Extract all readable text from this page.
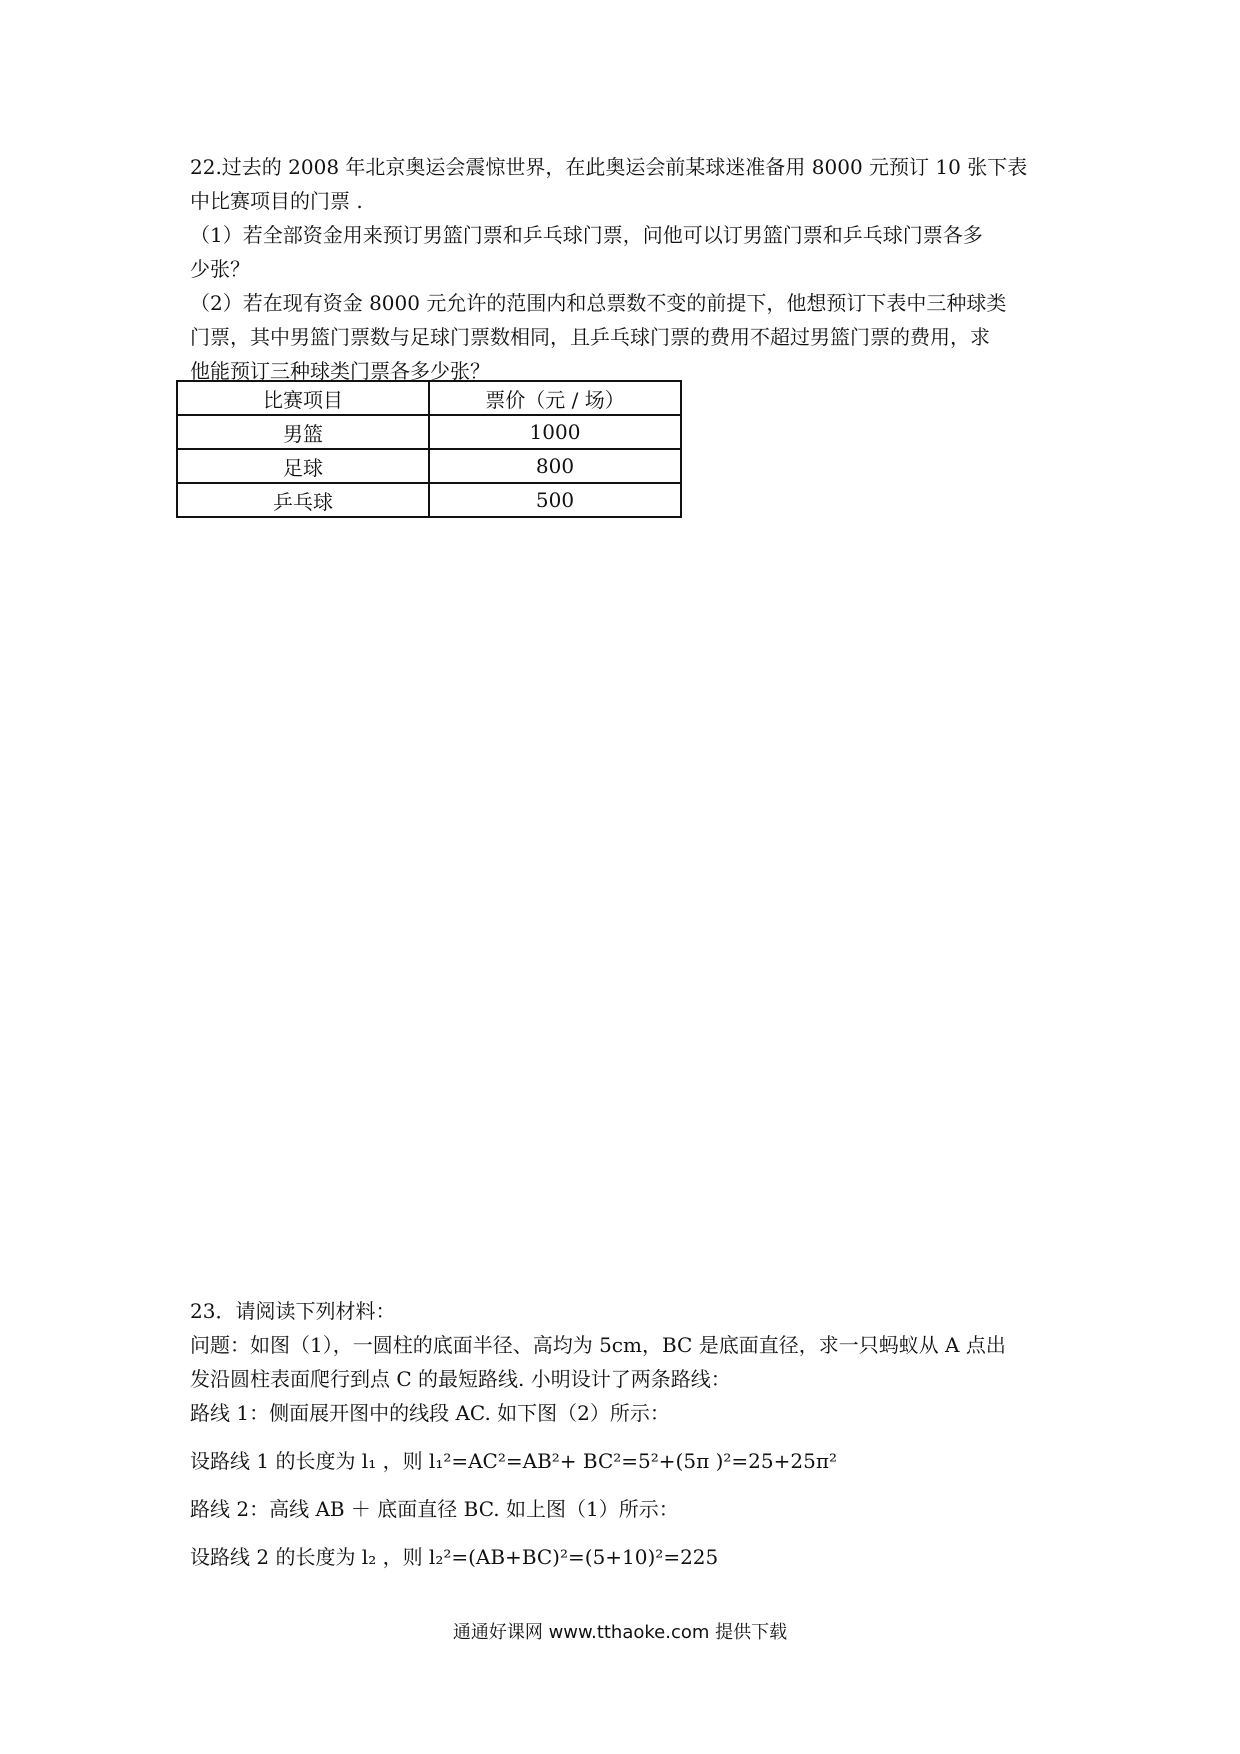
22.过去的 2008 年北京奥运会震惊世界，在此奥运会前某球迷准备用 8000 元预订 10 张下表
中比赛项目的门票 .
（1）若全部资金用来预订男篮门票和乒乓球门票，问他可以订男篮门票和乒乓球门票各多
少张？
（2）若在现有资金 8000 元允许的范围内和总票数不变的前提下，他想预订下表中三种球类
门票，其中男篮门票数与足球门票数相同，且乒乓球门票的费用不超过男篮门票的费用，求
他能预订三种球类门票各多少张？
比赛项目	票价（元 / 场）
男篮	1000
足球	800
乒乓球	500
23．请阅读下列材料：
问题：如图（1），一圆柱的底面半径、高均为 5cm，BC 是底面直径，求一只蚂蚁从 A 点出
发沿圆柱表面爬行到点 C 的最短路线. 小明设计了两条路线：
路线 1：侧面展开图中的线段 AC. 如下图（2）所示：
设路线 1 的长度为 l₁ ，则 l₁²=AC²=AB²+ BC²=5²+(5π )²=25+25π²
路线 2：高线 AB ＋ 底面直径 BC. 如上图（1）所示：
设路线 2 的长度为 l₂ ，则 l₂²=(AB+BC)²=(5+10)²=225
通通好课网 www.tthaoke.com 提供下载
